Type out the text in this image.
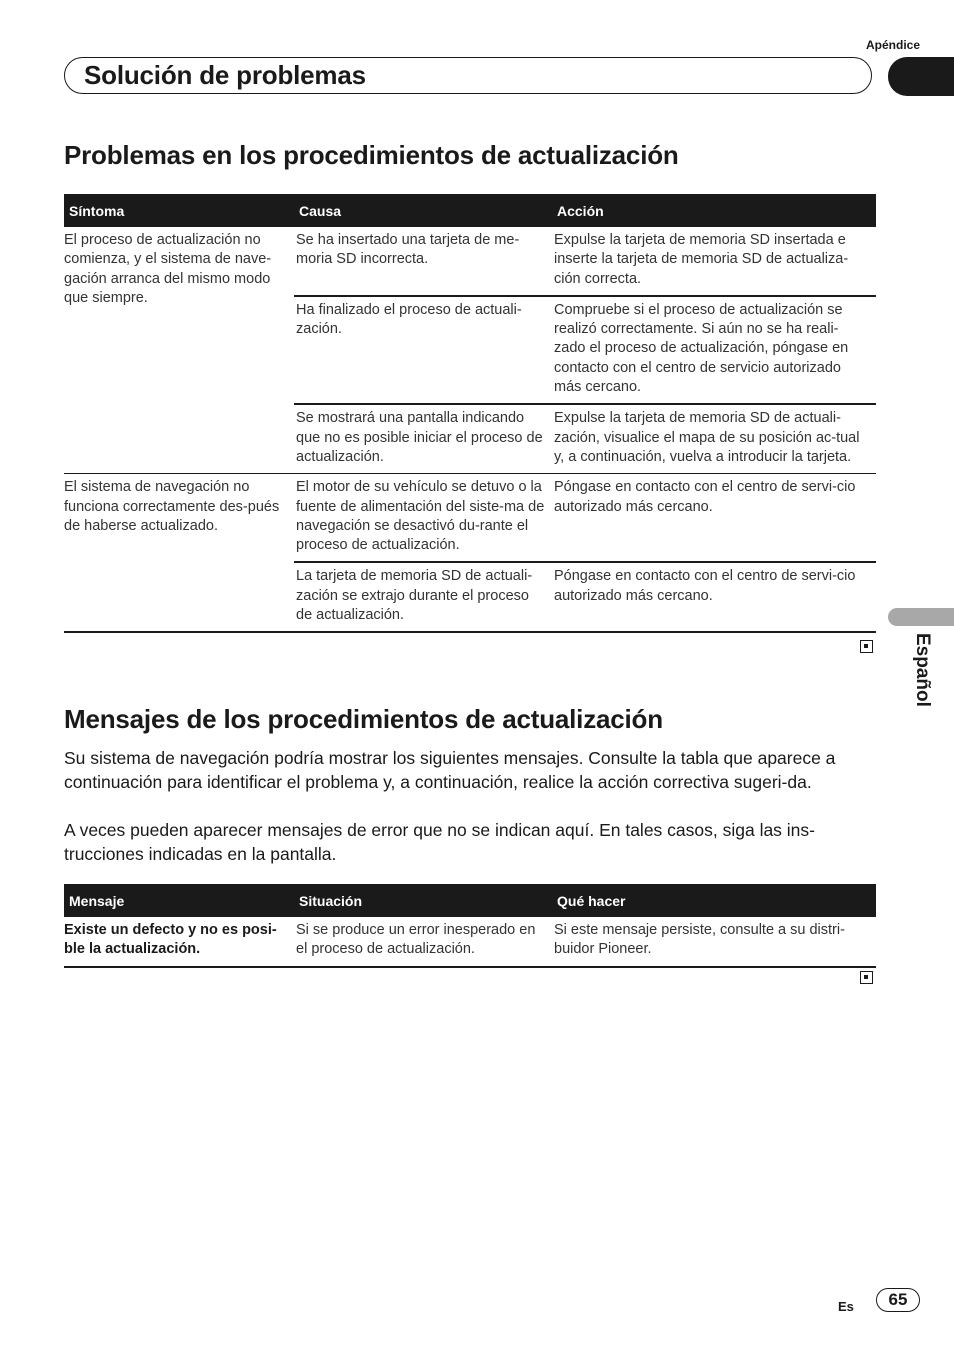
Apéndice
Solución de problemas
Español
Problemas en los procedimientos de actualización
Síntoma	Causa	Acción
El proceso de actualización no comienza, y el sistema de nave-gación arranca del mismo modo que siempre.	Se ha insertado una tarjeta de me-moria SD incorrecta.	Expulse la tarjeta de memoria SD insertada e inserte la tarjeta de memoria SD de actualiza-ción correcta.
	Ha finalizado el proceso de actuali-zación.	Compruebe si el proceso de actualización se realizó correctamente. Si aún no se ha reali-zado el proceso de actualización, póngase en contacto con el centro de servicio autorizado más cercano.
	Se mostrará una pantalla indicando que no es posible iniciar el proceso de actualización.	Expulse la tarjeta de memoria SD de actuali-zación, visualice el mapa de su posición ac-tual y, a continuación, vuelva a introducir la tarjeta.
El sistema de navegación no funciona correctamente des-pués de haberse actualizado.	El motor de su vehículo se detuvo o la fuente de alimentación del siste-ma de navegación se desactivó du-rante el proceso de actualización.	Póngase en contacto con el centro de servi-cio autorizado más cercano.
	La tarjeta de memoria SD de actuali-zación se extrajo durante el proceso de actualización.	Póngase en contacto con el centro de servi-cio autorizado más cercano.
Mensajes de los procedimientos de actualización

Su sistema de navegación podría mostrar los siguientes mensajes. Consulte la tabla que aparece a continuación para identificar el problema y, a continuación, realice la acción correctiva sugeri-da.

A veces pueden aparecer mensajes de error que no se indican aquí. En tales casos, siga las ins-trucciones indicadas en la pantalla.

Mensaje	Situación	Qué hacer
Existe un defecto y no es posi-ble la actualización.	Si se produce un error inesperado en el proceso de actualización.	Si este mensaje persiste, consulte a su distri-buidor Pioneer.
Es	65
